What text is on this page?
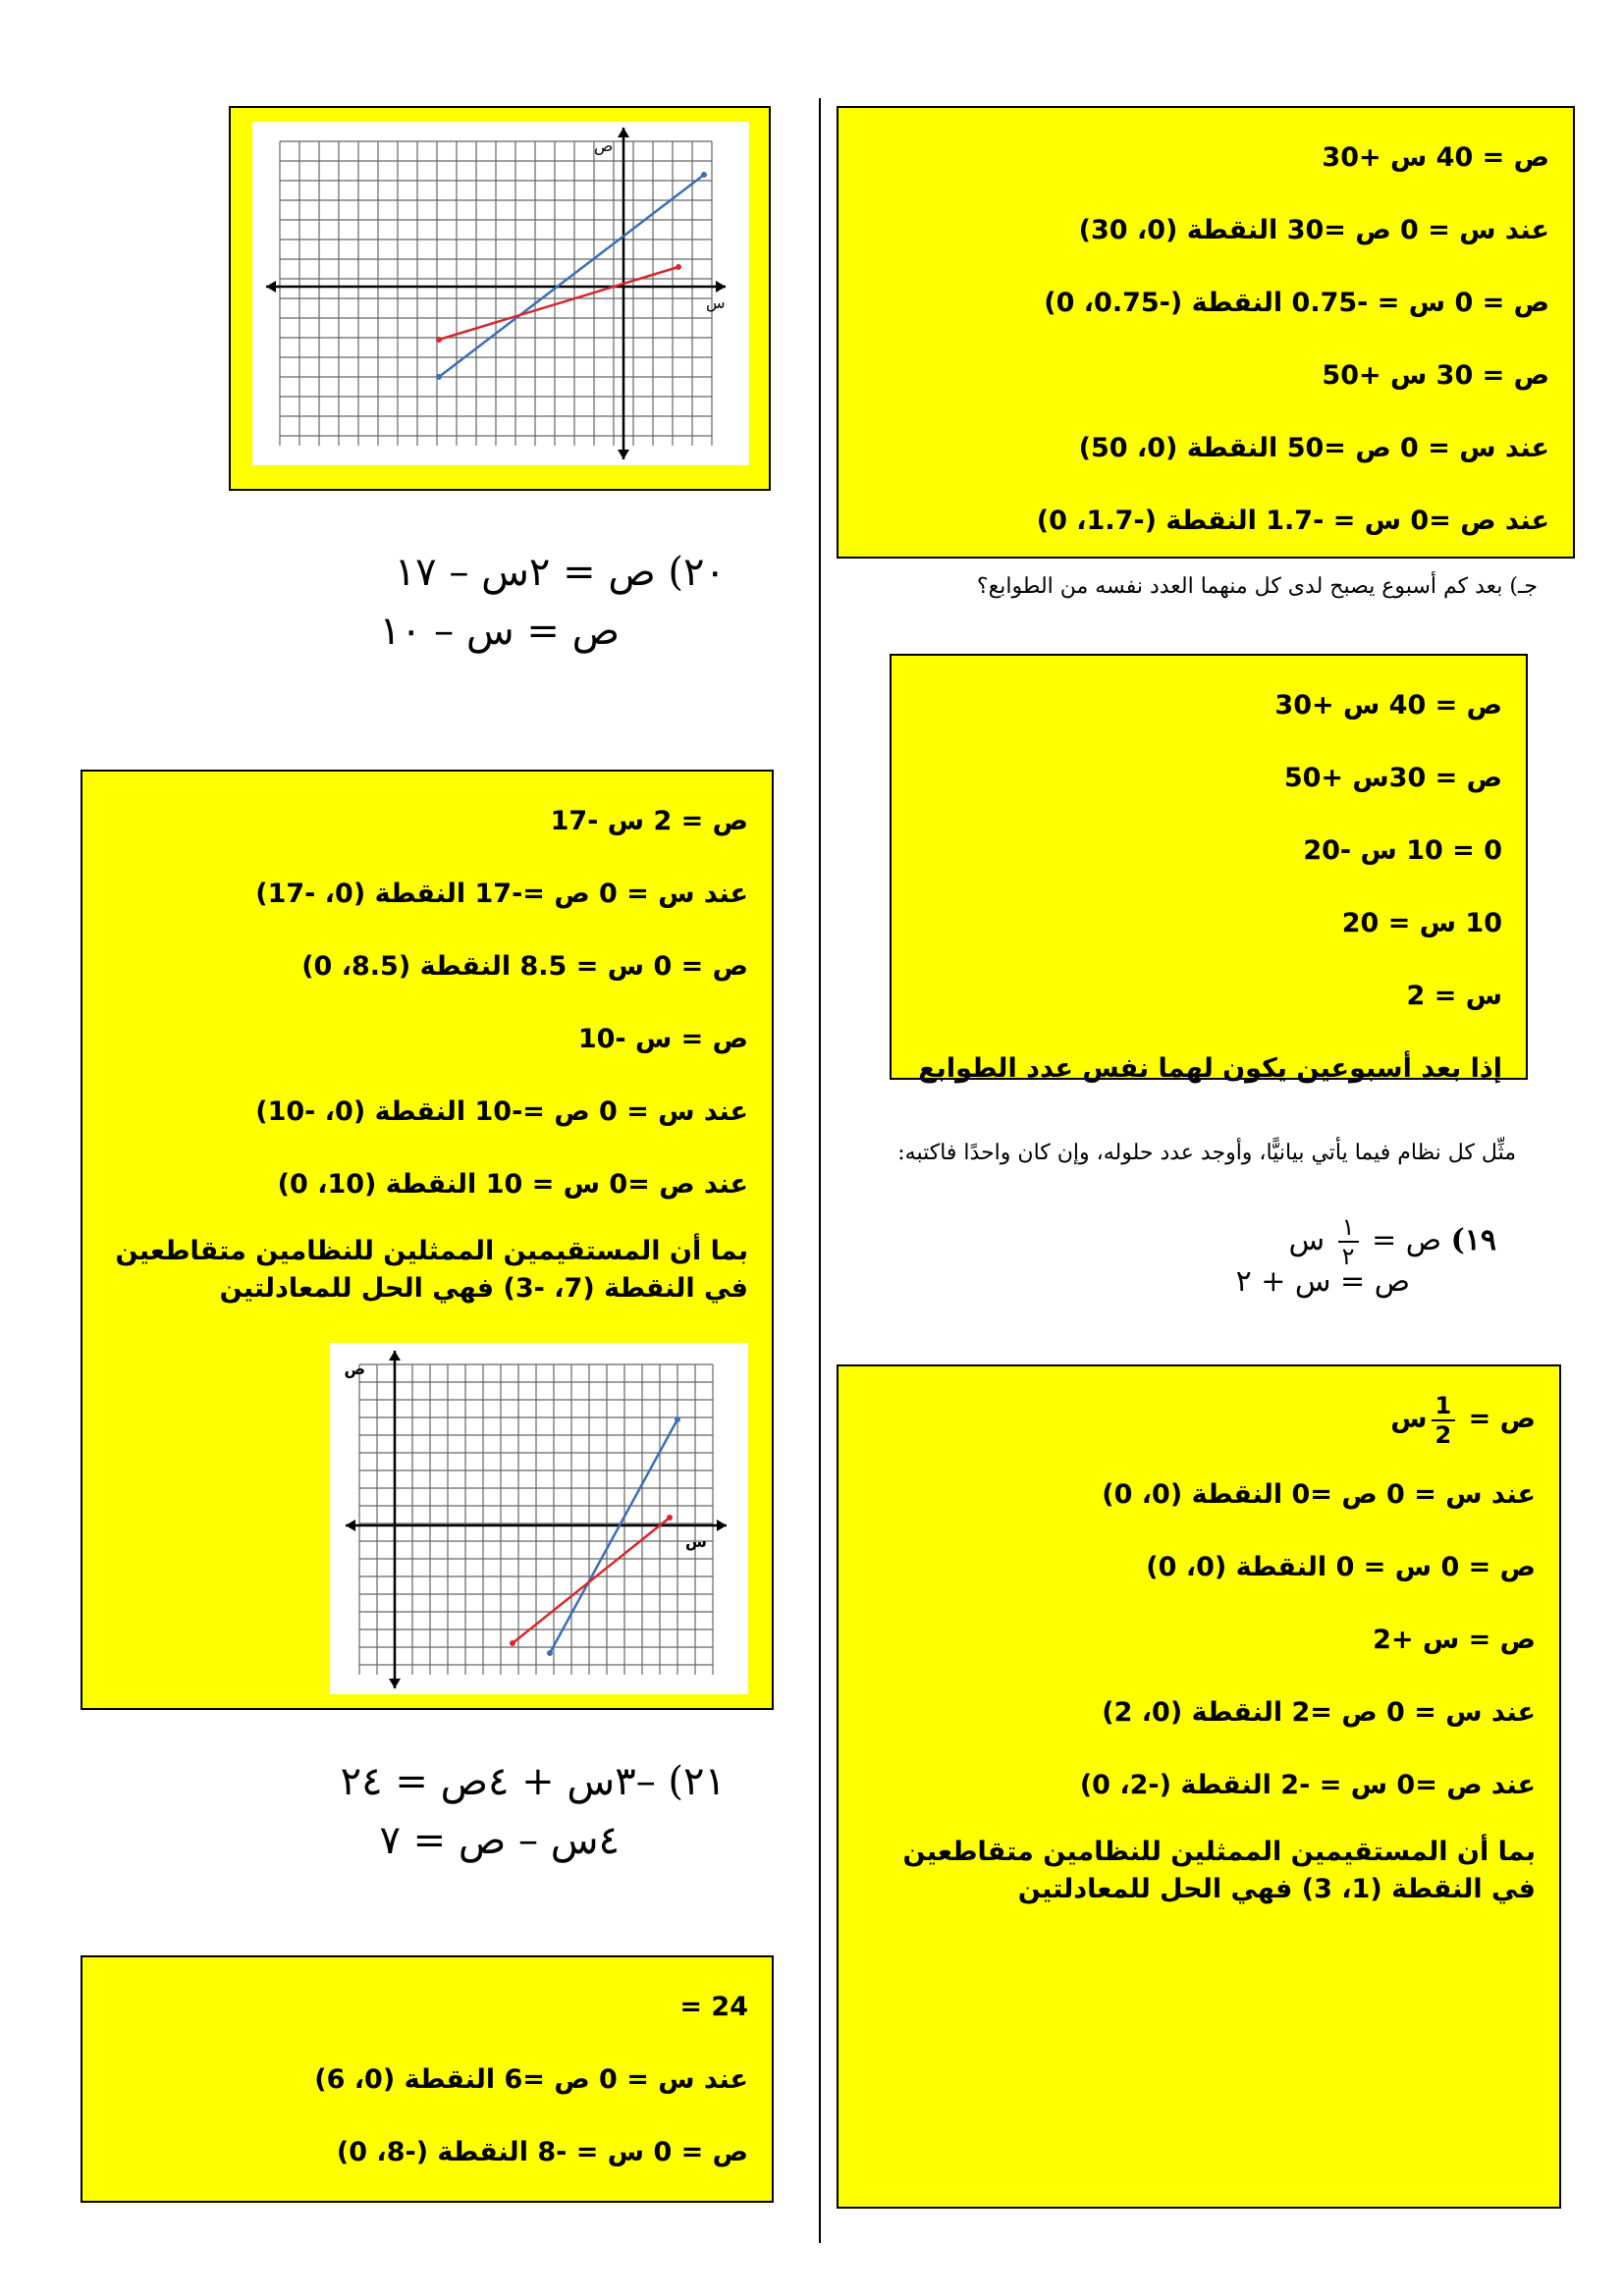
ص = 40 س +30
عند س = 0 ص =30 النقطة (0، 30)
ص = 0 س = -0.75 النقطة (-0.75، 0)
ص = 30 س +50
عند س = 0 ص =50 النقطة (0، 50)
عند ص =0 س = -1.7 النقطة (-1.7، 0)
جـ) بعد كم أسبوع يصبح لدى كل منهما العدد نفسه من الطوابع؟
ص = 40 س +30
ص = 30س +50
0 = 10 س -20
10 س = 20
س = 2
إذا بعد أسبوعين يكون لهما نفس عدد الطوابع
مثِّل كل نظام فيما يأتي بيانيًّا، وأوجد عدد حلوله، وإن كان واحدًا فاكتبه:
١٩) ص =
$\frac{١}{٢}$
س
ص = س + ٢
ص =
$\frac{1}{2}$
س
عند س = 0 ص =0 النقطة (0، 0)
ص = 0 س = 0 النقطة (0، 0)
ص = س +2
عند س = 0 ص =2 النقطة (0، 2)
عند ص =0 س = -2 النقطة (-2، 0)
بما أن المستقيمين الممثلين للنظامين متقاطعين في النقطة (1، 3) فهي الحل للمعادلتين
ص
س
٢٠) ص = ٢س – ١٧
ص = س – ١٠
ص = 2 س -17
عند س = 0 ص =-17 النقطة (0، -17)
ص = 0 س = 8.5 النقطة (8.5، 0)
ص = س -10
عند س = 0 ص =-10 النقطة (0، -10)
عند ص =0 س = 10 النقطة (10، 0)
بما أن المستقيمين الممثلين للنظامين متقاطعين في النقطة (7، -3) فهي الحل للمعادلتين
ص
س
٢١) –٣س + ٤ص = ٢٤
٤س – ص = ٧
24 =
عند س = 0 ص =6 النقطة (0، 6)
ص = 0 س = -8 النقطة (-8، 0)
